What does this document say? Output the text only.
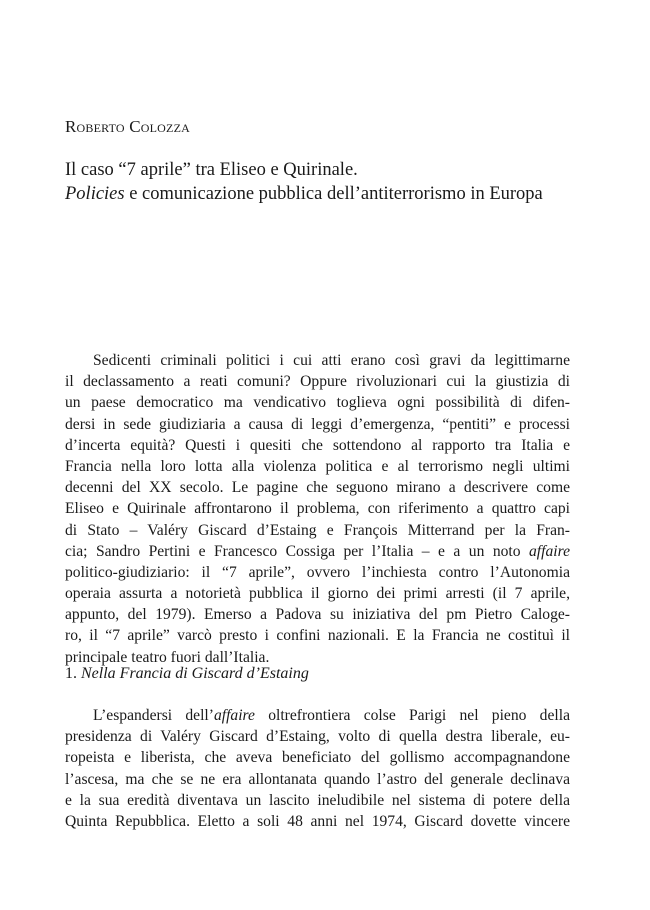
Roberto Colozza
Il caso “7 aprile” tra Eliseo e Quirinale.
Policies e comunicazione pubblica dell’antiterrorismo in Europa
Sedicenti criminali politici i cui atti erano così gravi da legittimarne
il declassamento a reati comuni? Oppure rivoluzionari cui la giustizia di
un paese democratico ma vendicativo toglieva ogni possibilità di difen-
dersi in sede giudiziaria a causa di leggi d’emergenza, “pentiti” e processi
d’incerta equità? Questi i quesiti che sottendono al rapporto tra Italia e
Francia nella loro lotta alla violenza politica e al terrorismo negli ultimi
decenni del XX secolo. Le pagine che seguono mirano a descrivere come
Eliseo e Quirinale affrontarono il problema, con riferimento a quattro capi
di Stato – Valéry Giscard d’Estaing e François Mitterrand per la Fran-
cia; Sandro Pertini e Francesco Cossiga per l’Italia – e a un noto affaire
politico-giudiziario: il “7 aprile”, ovvero l’inchiesta contro l’Autonomia
operaia assurta a notorietà pubblica il giorno dei primi arresti (il 7 aprile,
appunto, del 1979). Emerso a Padova su iniziativa del pm Pietro Caloge-
ro, il “7 aprile” varcò presto i confini nazionali. E la Francia ne costituì il
principale teatro fuori dall’Italia.
1. Nella Francia di Giscard d’Estaing
L’espandersi dell’affaire oltrefrontiera colse Parigi nel pieno della
presidenza di Valéry Giscard d’Estaing, volto di quella destra liberale, eu-
ropeista e liberista, che aveva beneficiato del gollismo accompagnandone
l’ascesa, ma che se ne era allontanata quando l’astro del generale declinava
e la sua eredità diventava un lascito ineludibile nel sistema di potere della
Quinta Repubblica. Eletto a soli 48 anni nel 1974, Giscard dovette vincere
